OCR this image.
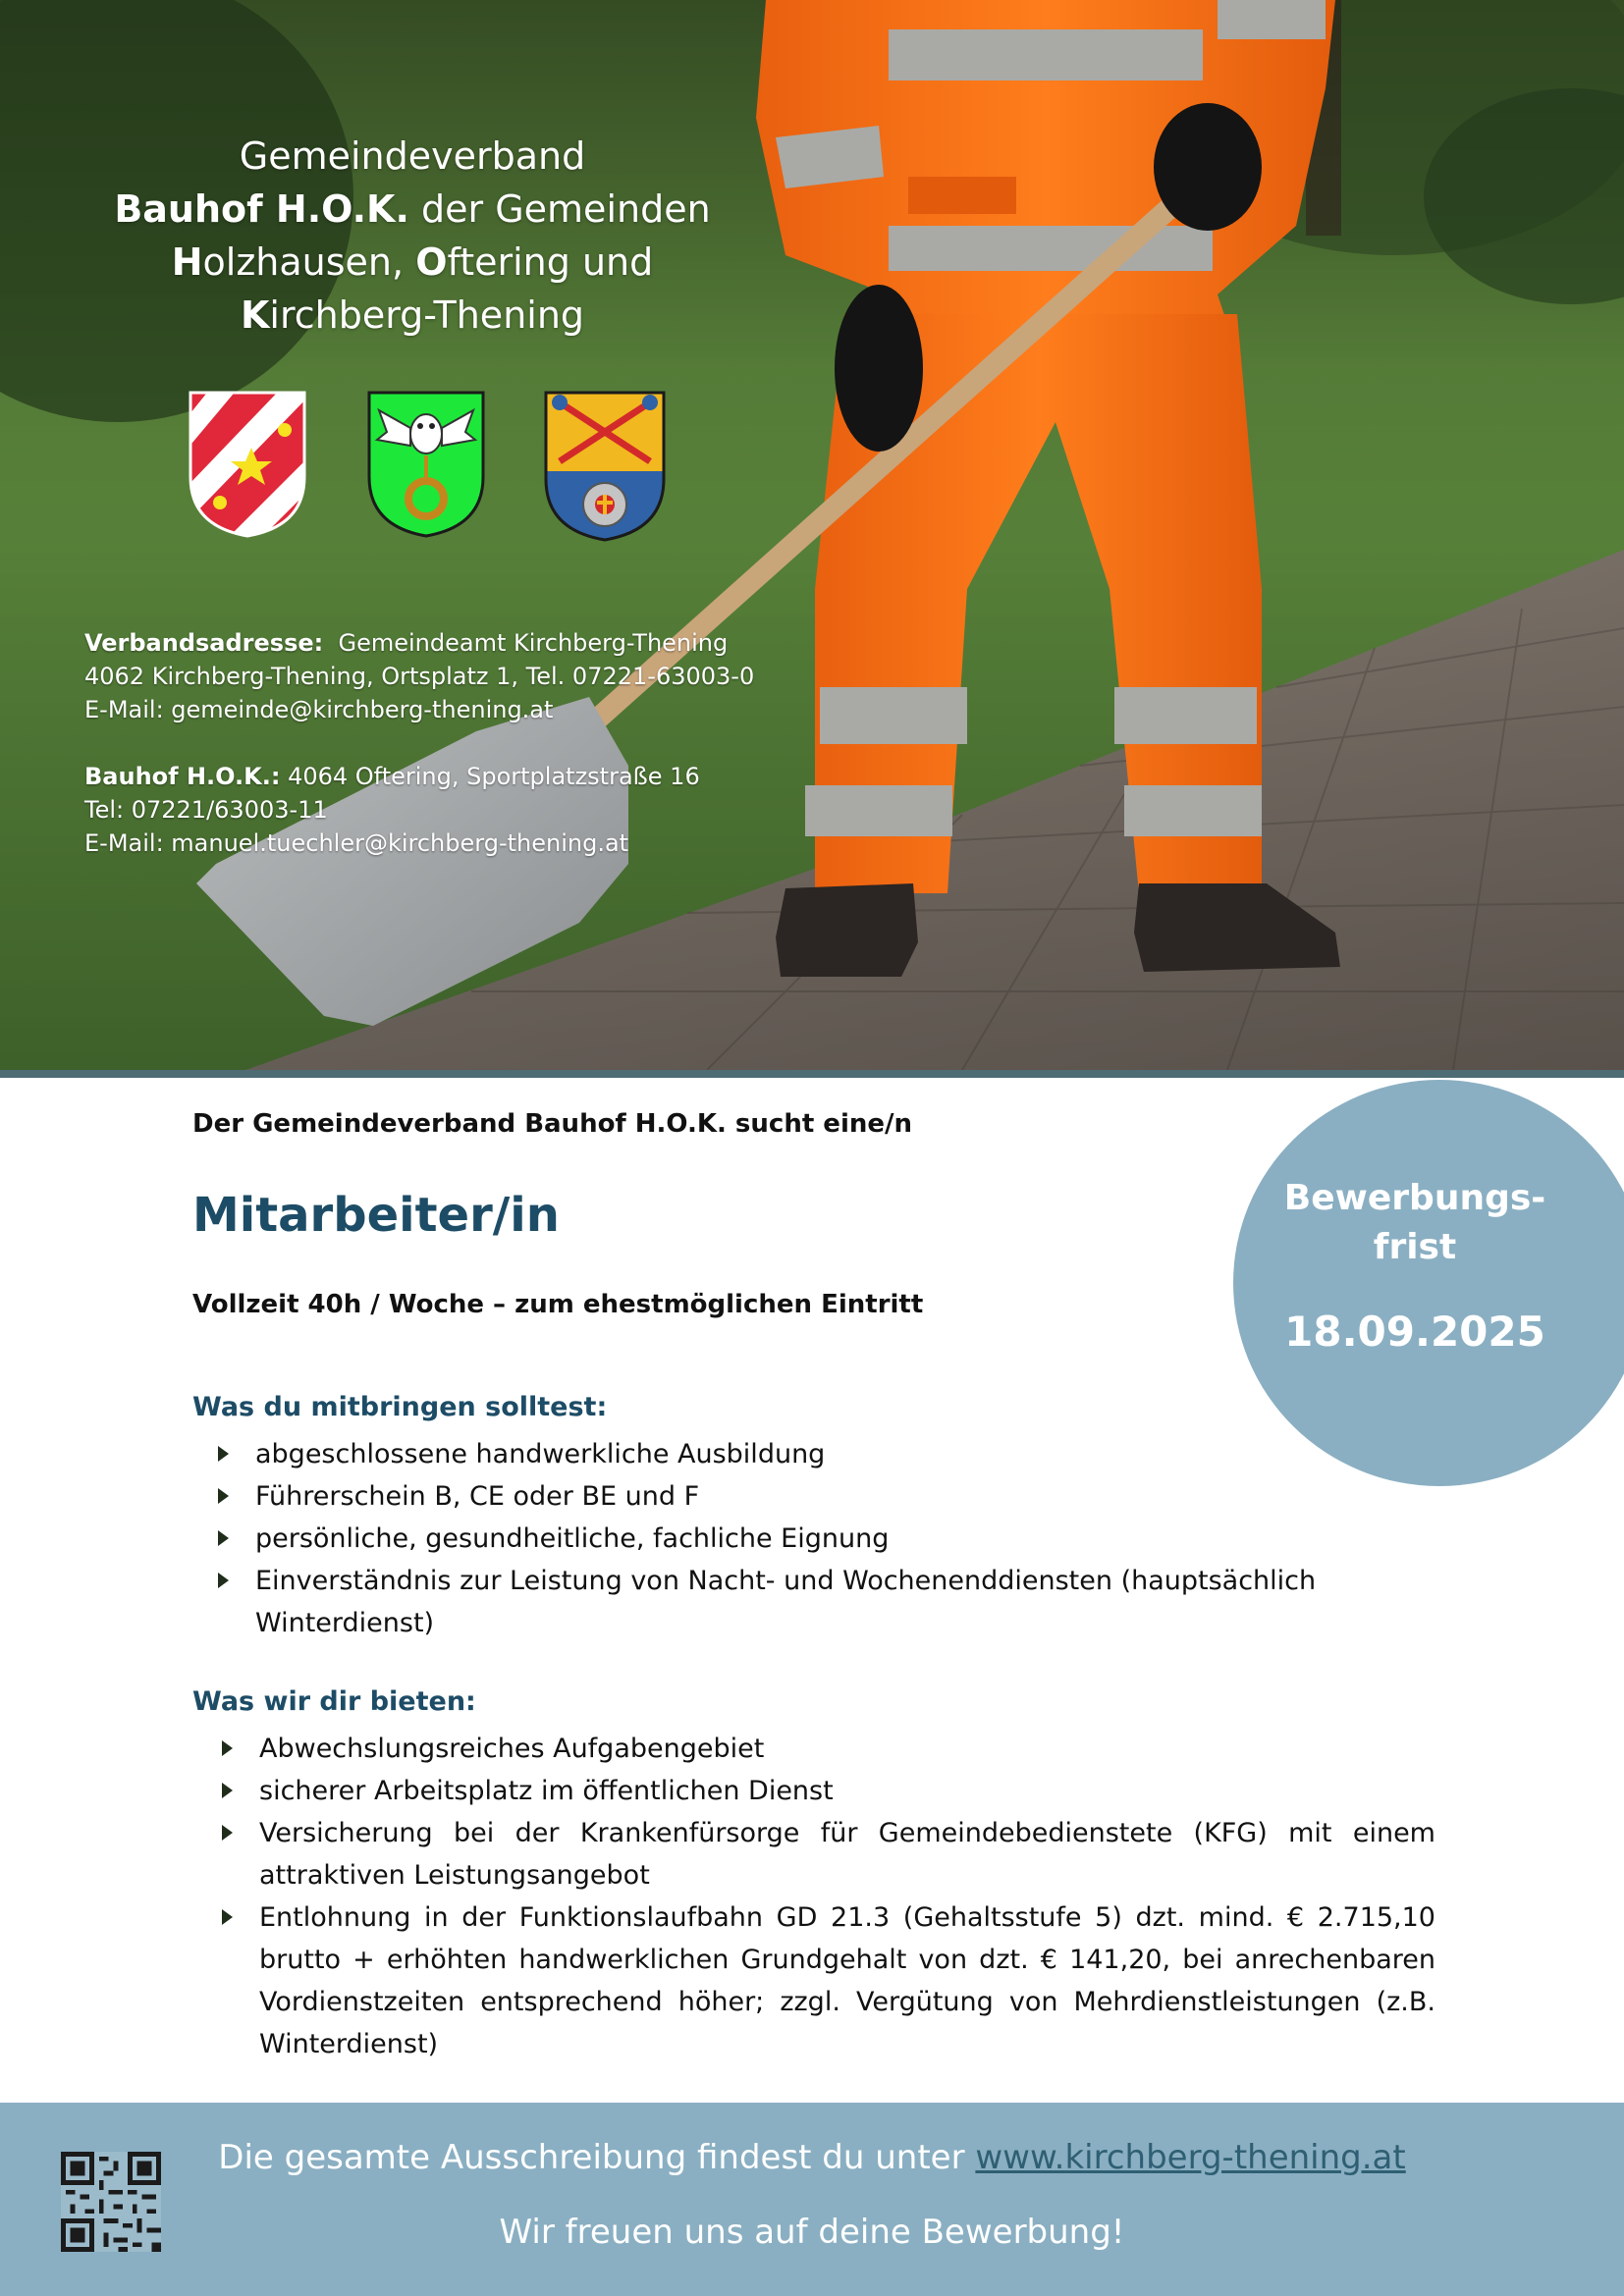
Gemeindeverband
Bauhof H.O.K. der Gemeinden
Holzhausen, Oftering und
Kirchberg-Thening
Verbandsadresse:  Gemeindeamt Kirchberg-Thening
4062 Kirchberg-Thening, Ortsplatz 1, Tel. 07221-63003-0
E-Mail: gemeinde@kirchberg-thening.at
Bauhof H.O.K.: 4064 Oftering, Sportplatzstraße 16
Tel: 07221/63003-11
E-Mail: manuel.tuechler@kirchberg-thening.at
Bewerbungs-
frist
18.09.2025
Der Gemeindeverband Bauhof H.O.K. sucht eine/n
Mitarbeiter/in
Vollzeit 40h / Woche – zum ehestmöglichen Eintritt
Was du mitbringen solltest:
abgeschlossene handwerkliche Ausbildung
Führerschein B, CE oder BE und F
persönliche, gesundheitliche, fachliche Eignung
Einverständnis zur Leistung von Nacht- und Wochenenddiensten (hauptsächlich Winterdienst)
Was wir dir bieten:
Abwechslungsreiches Aufgabengebiet
sicherer Arbeitsplatz im öffentlichen Dienst
Versicherung bei der Krankenfürsorge für Gemeindebedienstete (KFG) mit einem attraktiven Leistungsangebot
Entlohnung in der Funktionslaufbahn GD 21.3 (Gehaltsstufe 5) dzt. mind. € 2.715,10 brutto + erhöhten handwerklichen Grundgehalt von dzt. € 141,20, bei anrechenbaren Vordienstzeiten entsprechend höher; zzgl. Vergütung von Mehrdienstleistungen (z.B. Winterdienst)
Die gesamte Ausschreibung findest du unter www.kirchberg-thening.at
Wir freuen uns auf deine Bewerbung!
